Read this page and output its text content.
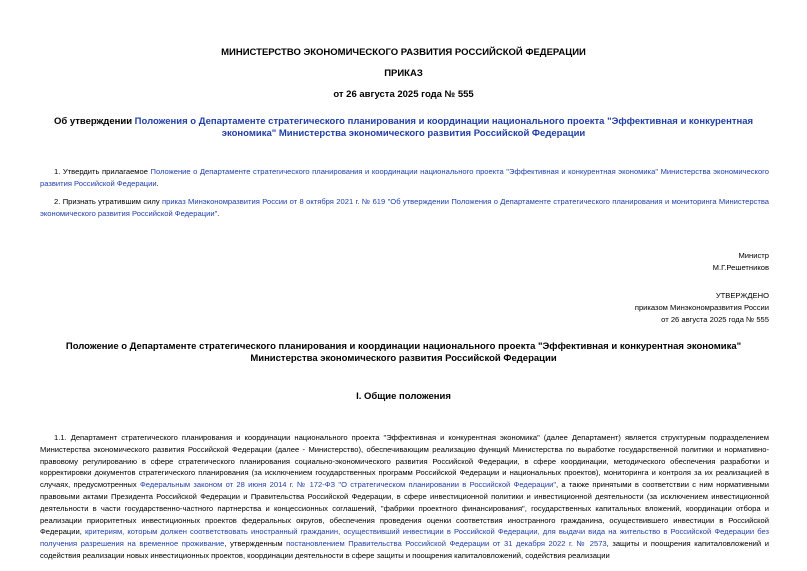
МИНИСТЕРСТВО ЭКОНОМИЧЕСКОГО РАЗВИТИЯ РОССИЙСКОЙ ФЕДЕРАЦИИ
ПРИКАЗ
от 26 августа 2025 года № 555
Об утверждении Положения о Департаменте стратегического планирования и координации национального проекта "Эффективная и конкурентная экономика" Министерства экономического развития Российской Федерации
1. Утвердить прилагаемое Положение о Департаменте стратегического планирования и координации национального проекта "Эффективная и конкурентная экономика" Министерства экономического развития Российской Федерации.
2. Признать утратившим силу приказ Минэкономразвития России от 8 октября 2021 г. № 619 "Об утверждении Положения о Департаменте стратегического планирования и мониторинга Министерства экономического развития Российской Федерации".
Министр
М.Г.Решетников
УТВЕРЖДЕНО
приказом Минэкономразвития России
от 26 августа 2025 года № 555
Положение о Департаменте стратегического планирования и координации национального проекта "Эффективная и конкурентная экономика" Министерства экономического развития Российской Федерации
I. Общие положения
1.1. Департамент стратегического планирования и координации национального проекта "Эффективная и конкурентная экономика" (далее Департамент) является структурным подразделением Министерства экономического развития Российской Федерации (далее - Министерство), обеспечивающим реализацию функций Министерства по выработке государственной политики и нормативно-правовому регулированию в сфере стратегического планирования социально-экономического развития Российской Федерации, в сфере координации, методического обеспечения разработки и корректировки документов стратегического планирования (за исключением государственных программ Российской Федерации и национальных проектов), мониторинга и контроля за их реализацией в случаях, предусмотренных Федеральным законом от 28 июня 2014 г. № 172-ФЗ "О стратегическом планировании в Российской Федерации", а также принятыми в соответствии с ним нормативными правовыми актами Президента Российской Федерации и Правительства Российской Федерации, в сфере инвестиционной политики и инвестиционной деятельности (за исключением инвестиционной деятельности в части государственно-частного партнерства и концессионных соглашений, "фабрики проектного финансирования", государственных капитальных вложений, координации отбора и реализации приоритетных инвестиционных проектов федеральных округов, обеспечения проведения оценки соответствия иностранного гражданина, осуществившего инвестиции в Российской Федерации, критериям, которым должен соответствовать иностранный гражданин, осуществивший инвестиции в Российской Федерации, для выдачи вида на жительство в Российской Федерации без получения разрешения на временное проживание, утвержденным постановлением Правительства Российской Федерации от 31 декабря 2022 г. № 2573, защиты и поощрения капиталовложений и содействия реализации новых инвестиционных проектов, координации деятельности в сфере защиты и поощрения капиталовложений, содействия реализации
